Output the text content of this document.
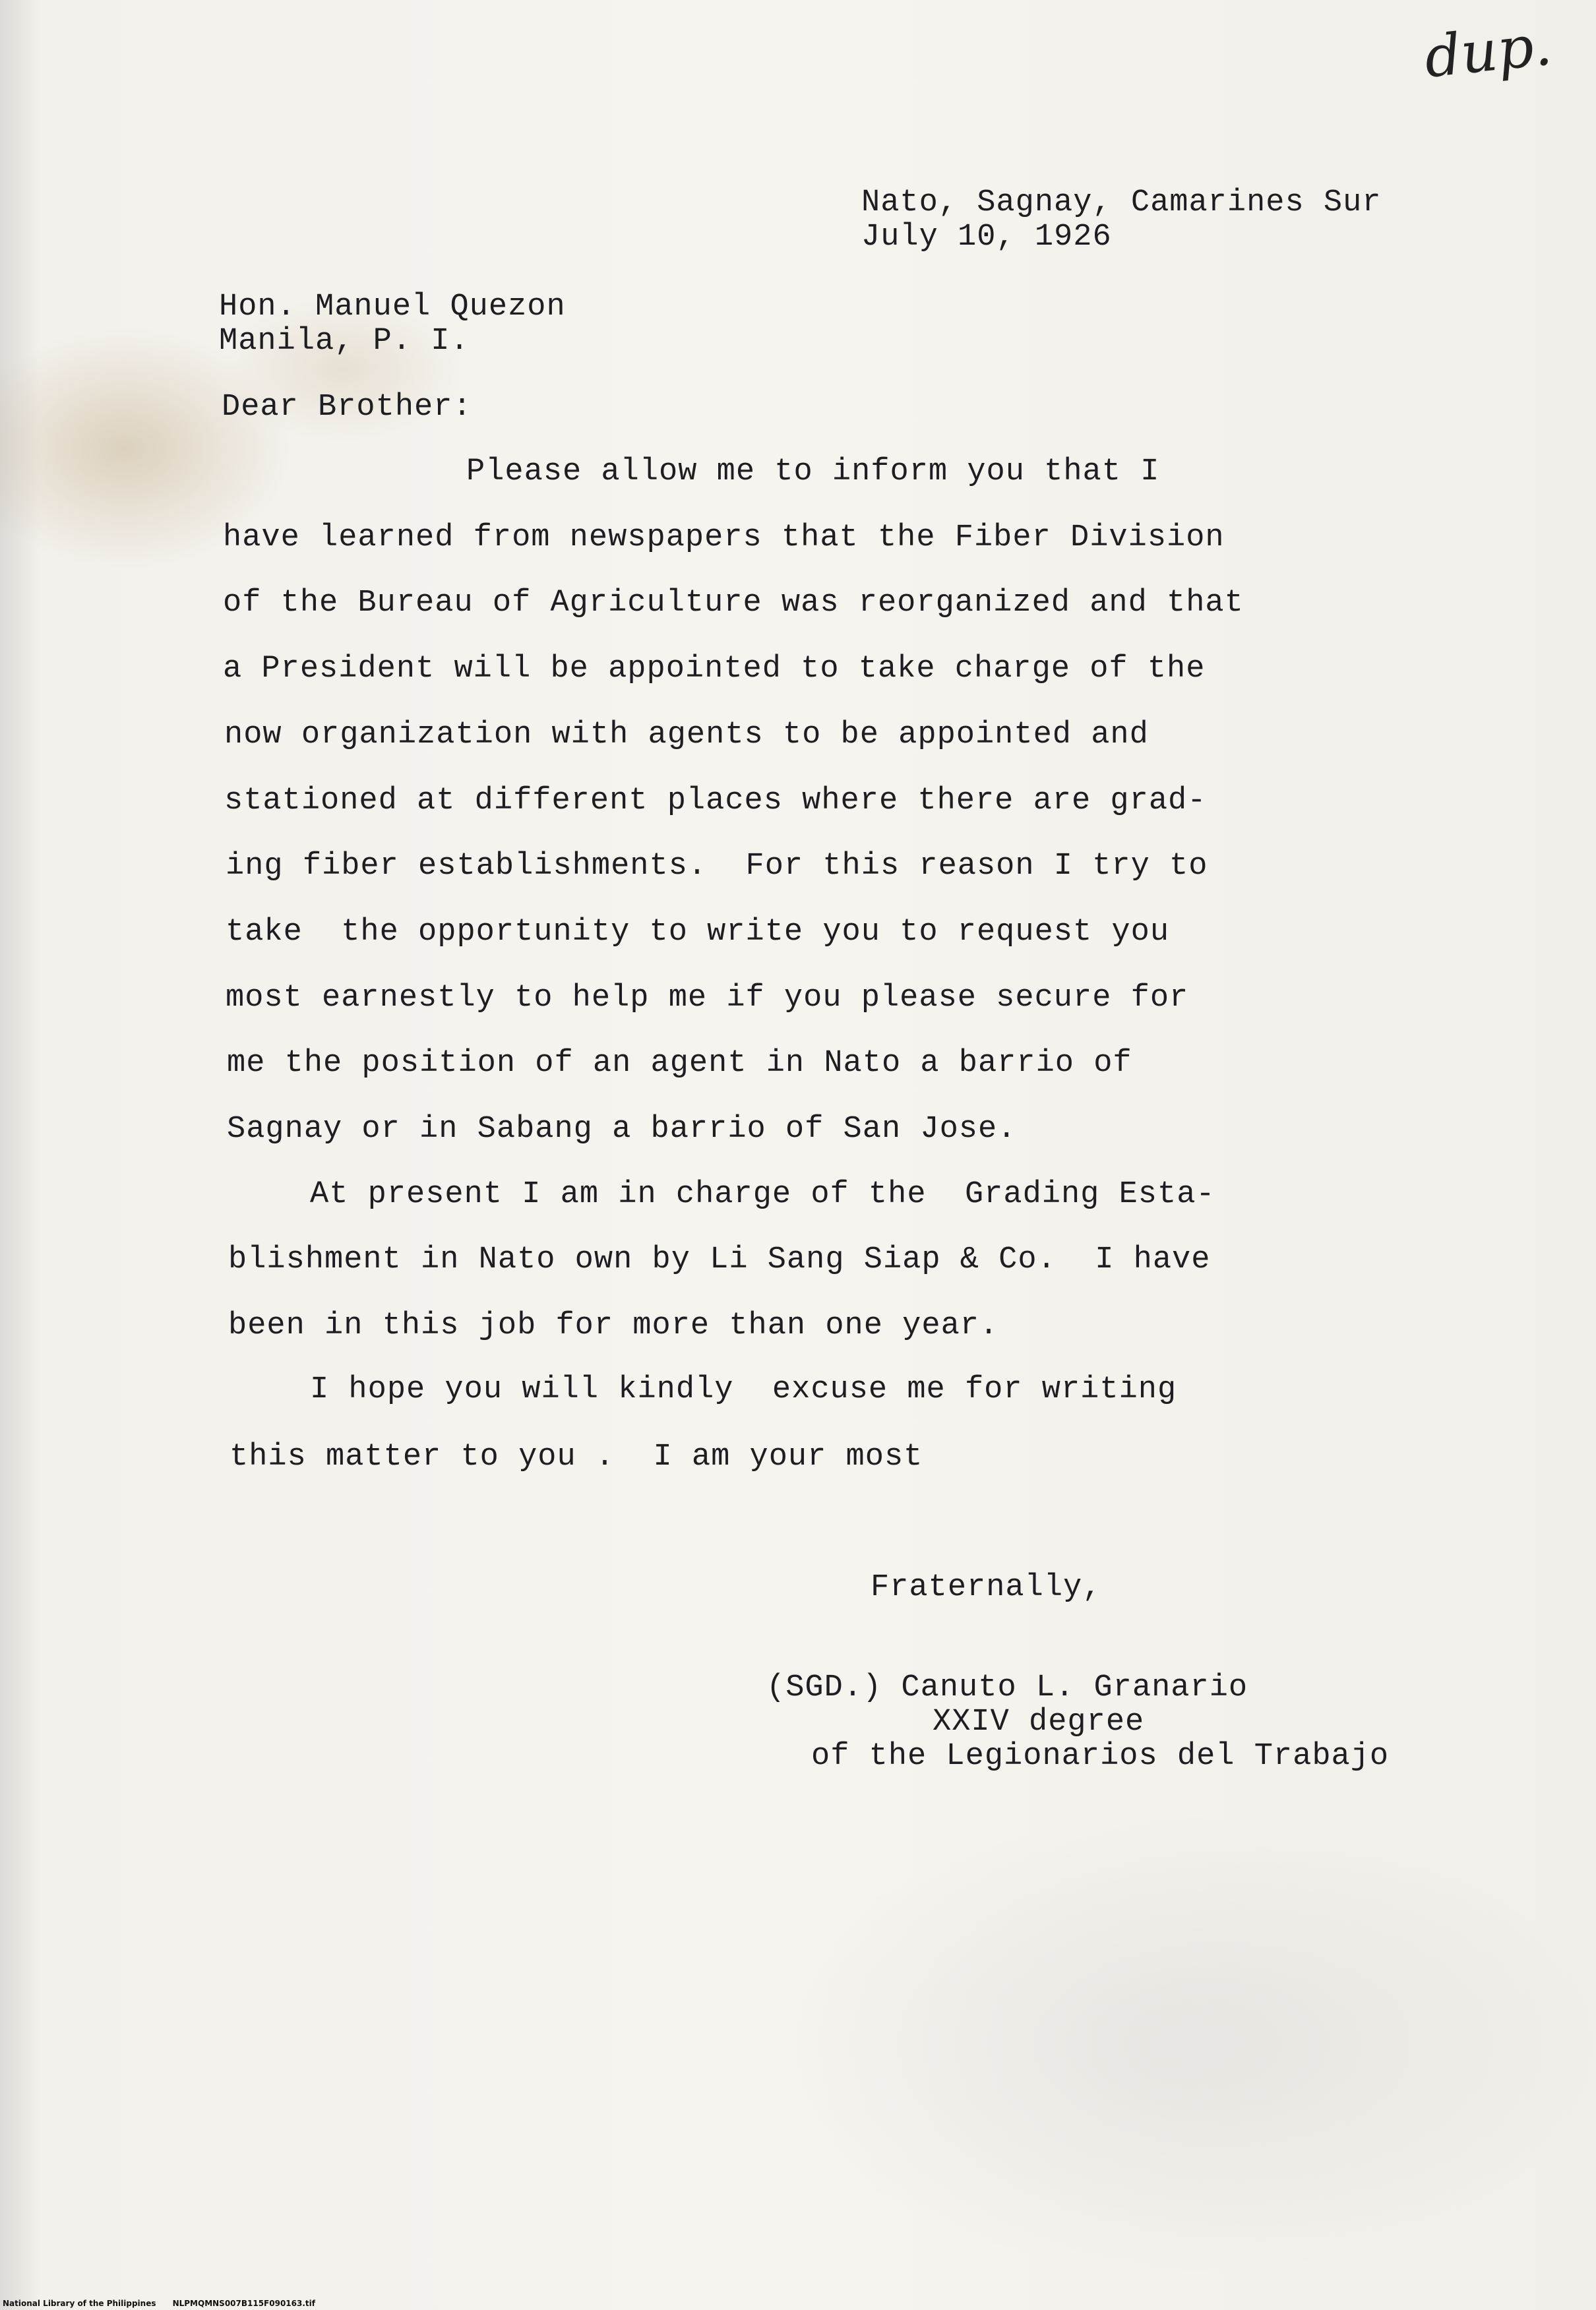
dup.
Nato, Sagnay, Camarines Sur
July 10, 1926
Hon. Manuel Quezon
Manila, P. I.
Dear Brother:
Please allow me to inform you that I
have learned from newspapers that the Fiber Division
of the Bureau of Agriculture was reorganized and that
a President will be appointed to take charge of the
now organization with agents to be appointed and
stationed at different places where there are grad-
ing fiber establishments.  For this reason I try to
take  the opportunity to write you to request you
most earnestly to help me if you please secure for
me the position of an agent in Nato a barrio of
Sagnay or in Sabang a barrio of San Jose.
At present I am in charge of the  Grading Esta-
blishment in Nato own by Li Sang Siap & Co.  I have
been in this job for more than one year.
I hope you will kindly  excuse me for writing
this matter to you .  I am your most
Fraternally,
(SGD.) Canuto L. Granario
XXIV degree
of the Legionarios del Trabajo
National Library of the Philippines NLPMQMNS007B115F090163.tif
